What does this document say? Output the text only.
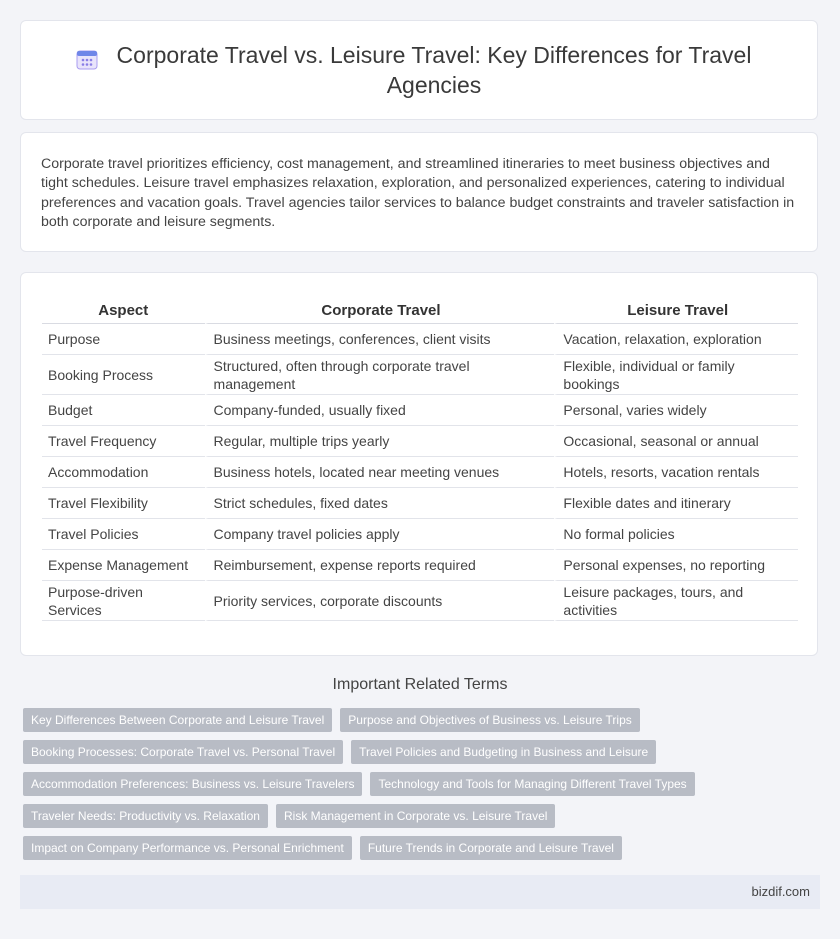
Corporate Travel vs. Leisure Travel: Key Differences for Travel Agencies

Corporate travel prioritizes efficiency, cost management, and streamlined itineraries to meet business objectives and tight schedules. Leisure travel emphasizes relaxation, exploration, and personalized experiences, catering to individual preferences and vacation goals. Travel agencies tailor services to balance budget constraints and traveler satisfaction in both corporate and leisure segments.

Aspect	Corporate Travel	Leisure Travel
Purpose	Business meetings, conferences, client visits	Vacation, relaxation, exploration
Booking Process	Structured, often through corporate travel management	Flexible, individual or family bookings
Budget	Company-funded, usually fixed	Personal, varies widely
Travel Frequency	Regular, multiple trips yearly	Occasional, seasonal or annual
Accommodation	Business hotels, located near meeting venues	Hotels, resorts, vacation rentals
Travel Flexibility	Strict schedules, fixed dates	Flexible dates and itinerary
Travel Policies	Company travel policies apply	No formal policies
Expense Management	Reimbursement, expense reports required	Personal expenses, no reporting
Purpose-driven Services	Priority services, corporate discounts	Leisure packages, tours, and activities
Important Related Terms
Key Differences Between Corporate and Leisure Travel	Purpose and Objectives of Business vs. Leisure Trips
Booking Processes: Corporate Travel vs. Personal Travel	Travel Policies and Budgeting in Business and Leisure
Accommodation Preferences: Business vs. Leisure Travelers	Technology and Tools for Managing Different Travel Types
Traveler Needs: Productivity vs. Relaxation	Risk Management in Corporate vs. Leisure Travel
Impact on Company Performance vs. Personal Enrichment	Future Trends in Corporate and Leisure Travel
bizdif.com
